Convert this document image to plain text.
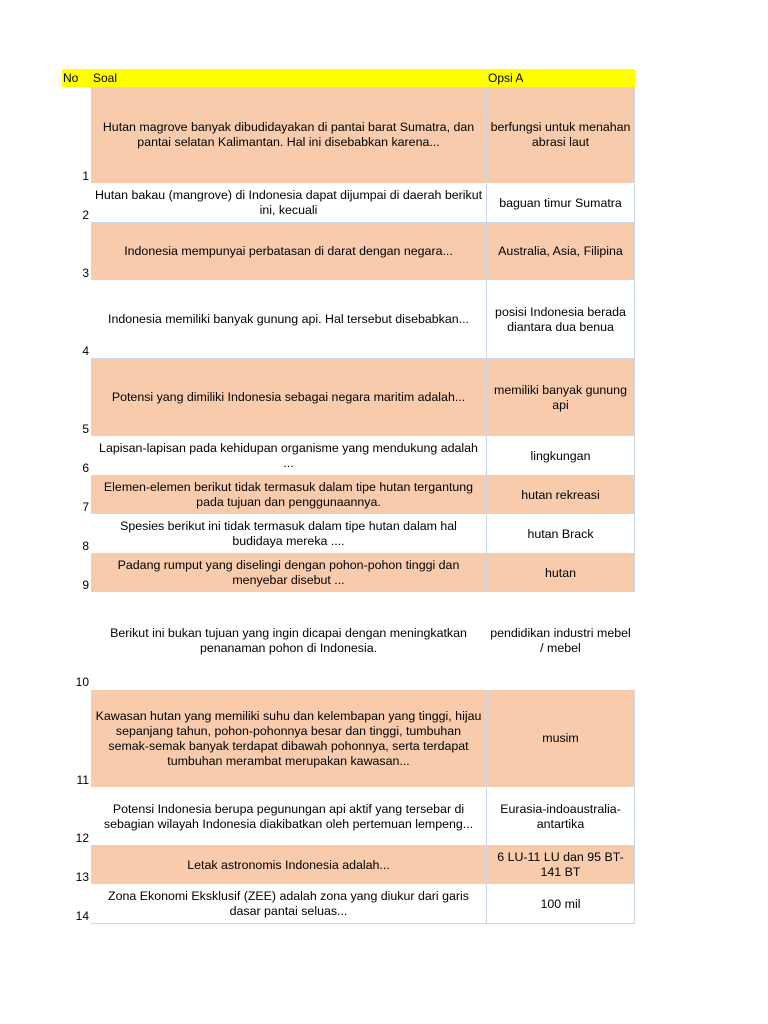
No	Soal	Opsi A
1
Hutan magrove banyak dibudidayakan di pantai barat Sumatra, dan pantai selatan Kalimantan. Hal ini disebabkan karena...
berfungsi untuk menahan abrasi laut
2
Hutan bakau (mangrove) di Indonesia dapat dijumpai di daerah berikut ini, kecuali
baguan timur Sumatra
3
Indonesia mempunyai perbatasan di darat dengan negara...	Australia, Asia, Filipina
4
Indonesia memiliki banyak gunung api. Hal tersebut disebabkan...
posisi Indonesia berada diantara dua benua
5
Potensi yang dimiliki Indonesia sebagai negara maritim adalah...
memiliki banyak gunung api
6
Lapisan-lapisan pada kehidupan organisme yang mendukung adalah ...
lingkungan
7
Elemen-elemen berikut tidak termasuk dalam tipe hutan tergantung pada tujuan dan penggunaannya.
hutan rekreasi
8
Spesies berikut ini tidak termasuk dalam tipe hutan dalam hal budidaya mereka ....
hutan Brack
9
Padang rumput yang diselingi dengan pohon-pohon tinggi dan menyebar disebut ...
hutan
10
Berikut ini bukan tujuan yang ingin dicapai dengan meningkatkan penanaman pohon di Indonesia.
pendidikan industri mebel / mebel
11
Kawasan hutan yang memiliki suhu dan kelembapan yang tinggi, hijau sepanjang tahun, pohon-pohonnya besar dan tinggi, tumbuhan semak-semak banyak terdapat dibawah pohonnya, serta terdapat tumbuhan merambat merupakan kawasan...
musim
12
Potensi Indonesia berupa pegunungan api aktif yang tersebar di sebagian wilayah Indonesia diakibatkan oleh pertemuan lempeng...
Eurasia-indoaustralia-antartika
13
Letak astronomis Indonesia adalah...
6 LU-11 LU dan 95 BT-141 BT
14
Zona Ekonomi Eksklusif (ZEE) adalah zona yang diukur dari garis dasar pantai seluas...
100 mil
